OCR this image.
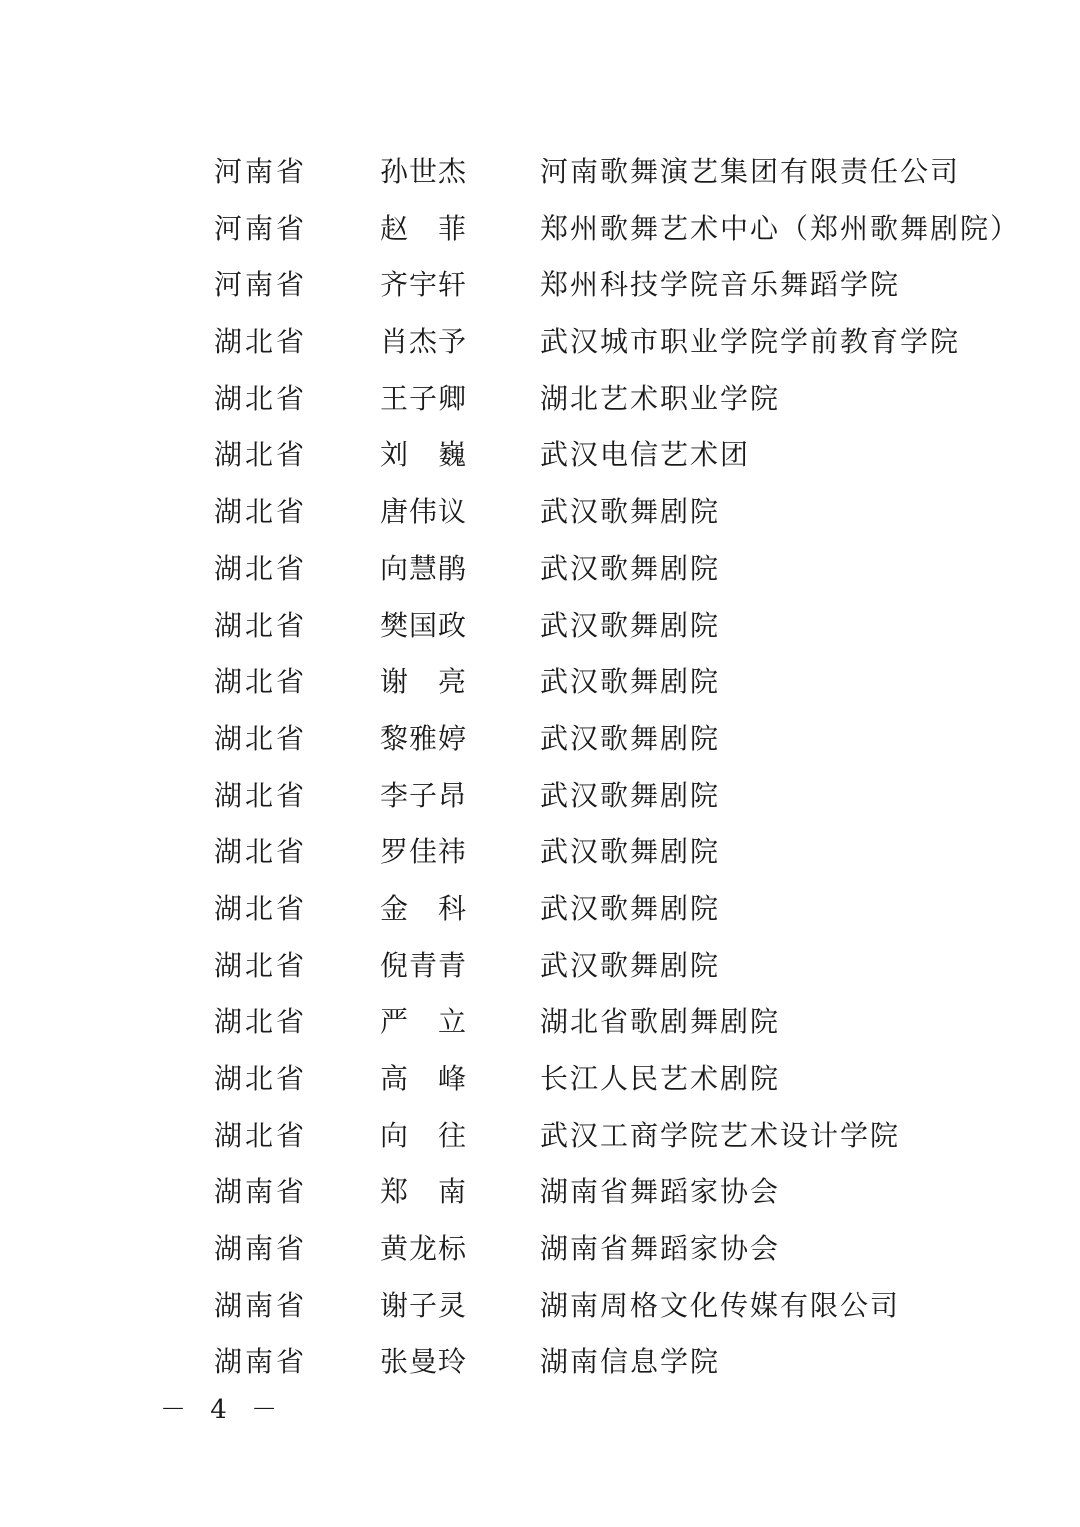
河南省	孙 世 杰	河南歌舞演艺集团有限责任公司
河南省	赵 菲	郑州歌舞艺术中心（郑州歌舞剧院）
河南省	齐 宇 轩	郑州科技学院音乐舞蹈学院
湖北省	肖 杰 予	武汉城市职业学院学前教育学院
湖北省	王 子 卿	湖北艺术职业学院
湖北省	刘 巍	武汉电信艺术团
湖北省	唐 伟 议	武汉歌舞剧院
湖北省	向 慧 鹃	武汉歌舞剧院
湖北省	樊 国 政	武汉歌舞剧院
湖北省	谢 亮	武汉歌舞剧院
湖北省	黎 雅 婷	武汉歌舞剧院
湖北省	李 子 昂	武汉歌舞剧院
湖北省	罗 佳 祎	武汉歌舞剧院
湖北省	金 科	武汉歌舞剧院
湖北省	倪 青 青	武汉歌舞剧院
湖北省	严 立	湖北省歌剧舞剧院
湖北省	高 峰	长江人民艺术剧院
湖北省	向 往	武汉工商学院艺术设计学院
湖南省	郑 南	湖南省舞蹈家协会
湖南省	黄 龙 标	湖南省舞蹈家协会
湖南省	谢 子 灵	湖南周格文化传媒有限公司
湖南省	张 曼 玲	湖南信息学院
－ 4 －
